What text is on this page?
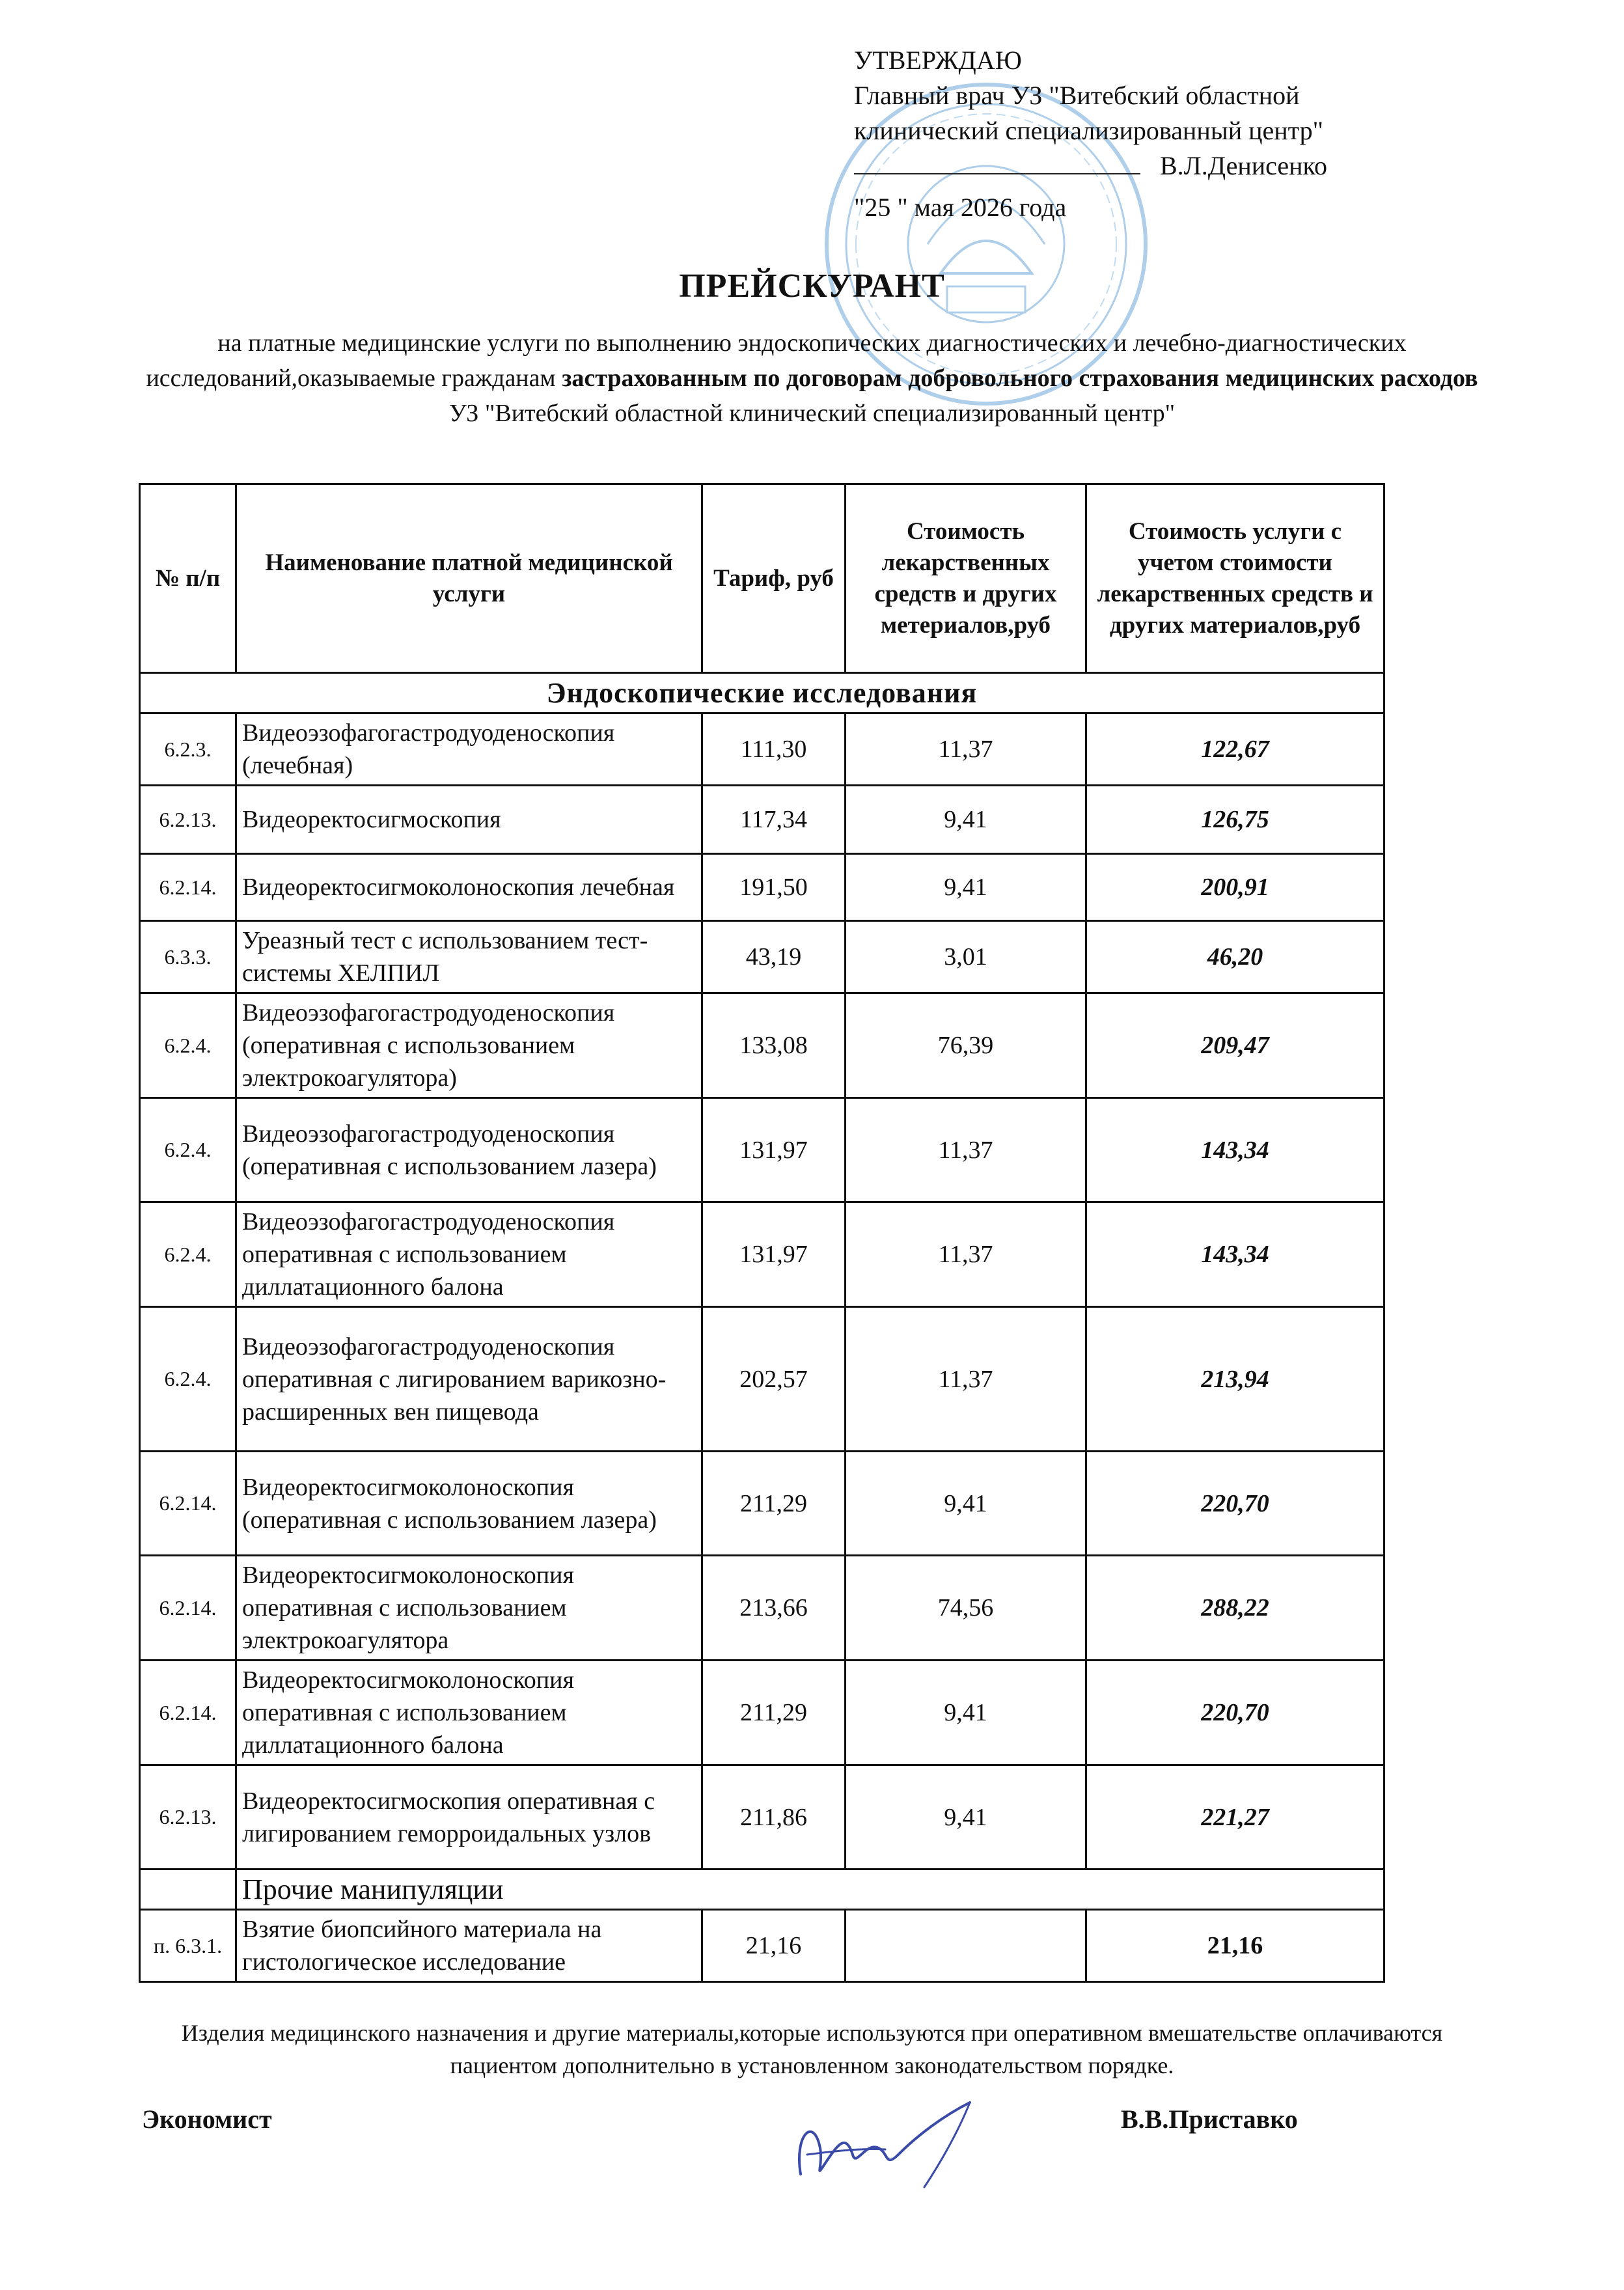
УТВЕРЖДАЮ
Главный врач УЗ "Витебский областной
клинический специализированный центр"
В.Л.Денисенко
"25 " мая 2026 года
ПРЕЙСКУРАНТ
на платные медицинские услуги по выполнению эндоскопических диагностических и лечебно-диагностических исследований,оказываемые гражданам застрахованным по договорам добровольного страхования медицинских расходов
УЗ "Витебский областной клинический специализированный центр"
№ п/п	Наименование платной медицинской услуги	Тариф, руб	Стоимость лекарственных средств и других метериалов,руб	Стоимость услуги с учетом стоимости лекарственных средств и других материалов,руб
Эндоскопические исследования				
6.2.3.	Видеоэзофагогастродуоденоскопия (лечебная)	111,30	11,37	122,67
6.2.13.	Видеоректосигмоскопия	117,34	9,41	126,75
6.2.14.	Видеоректосигмоколоноскопия лечебная	191,50	9,41	200,91
6.3.3.	Уреазный тест с использованием тест-системы ХЕЛПИЛ	43,19	3,01	46,20
6.2.4.	Видеоэзофагогастродуоденоскопия (оперативная с использованием электрокоагулятора)	133,08	76,39	209,47
6.2.4.	Видеоэзофагогастродуоденоскопия (оперативная с использованием лазера)	131,97	11,37	143,34
6.2.4.	Видеоэзофагогастродуоденоскопия оперативная с использованием диллатационного балона	131,97	11,37	143,34
6.2.4.	Видеоэзофагогастродуоденоскопия оперативная с лигированием варикозно-расширенных вен пищевода	202,57	11,37	213,94
6.2.14.	Видеоректосигмоколоноскопия (оперативная с использованием лазера)	211,29	9,41	220,70
6.2.14.	Видеоректосигмоколоноскопия оперативная с использованием электрокоагулятора	213,66	74,56	288,22
6.2.14.	Видеоректосигмоколоноскопия оперативная с использованием диллатационного балона	211,29	9,41	220,70
6.2.13.	Видеоректосигмоскопия оперативная с лигированием геморроидальных узлов	211,86	9,41	221,27
	Прочие манипуляции			
п. 6.3.1.	Взятие биопсийного материала на гистологическое исследование	21,16		21,16
Изделия медицинского назначения и другие материалы,которые используются при оперативном вмешательстве оплачиваются пациентом дополнительно в установленном законодательством порядке.
Экономист	В.В.Приставко
